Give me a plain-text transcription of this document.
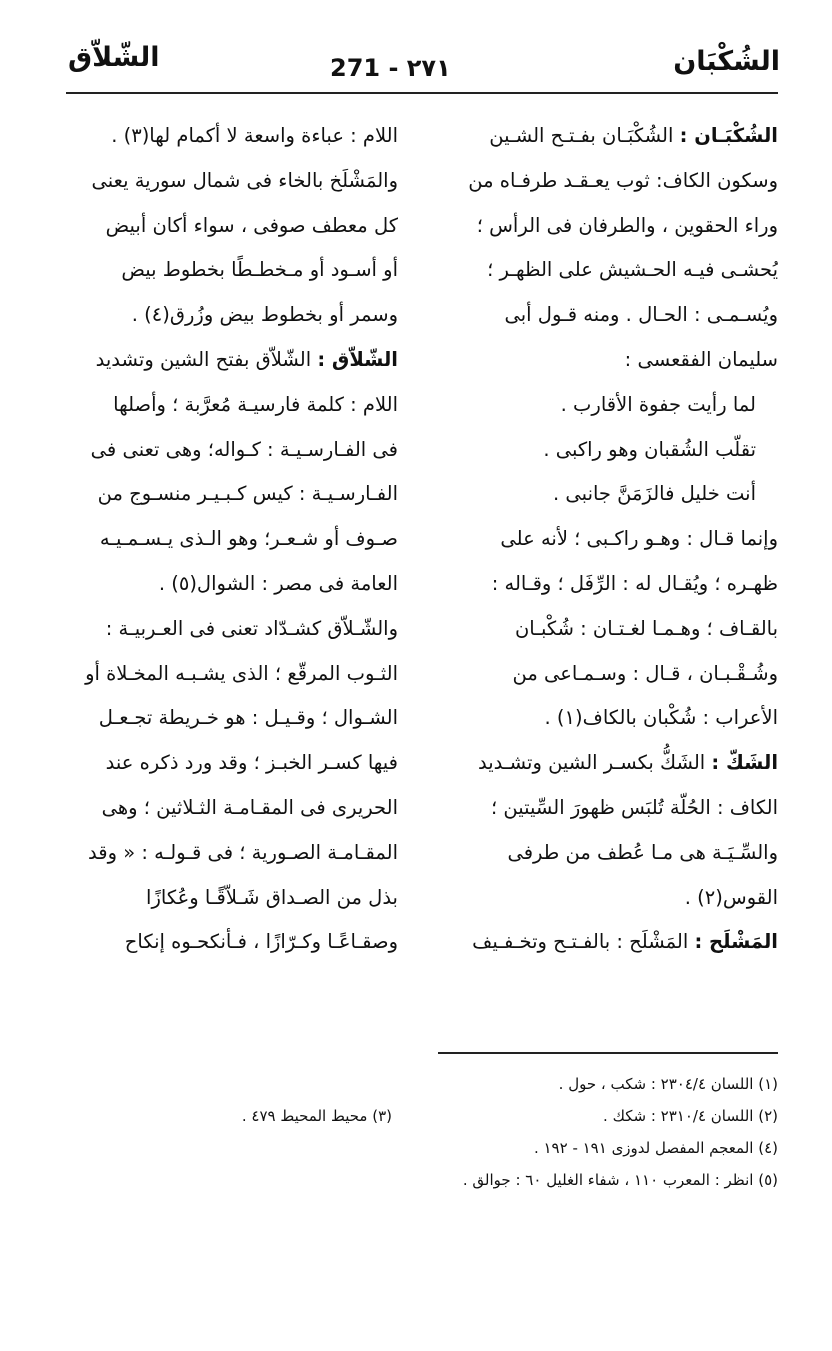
الشُكْبَان
271 - ٢٧١
الشّلاّق
الشُكْبَـان : الشُكْبَـان بفـتـح الشـين
وسكون الكاف: ثوب يعـقـد طرفـاه من
وراء الحقوين ، والطرفان فى الرأس ؛
يُحشـى فيـه الحـشيش على الظهـر ؛
ويُسـمـى : الحـال . ومنه قـول أبى
سليمان الفقعسى :
لما رأيت جفوة الأقارب .
تقلّب الشُقبان وهو راكبى .
أنت خليل فالزَمَنَّ جانبى .
وإنما قـال : وهـو راكـبى ؛ لأنه على
ظهـره ؛ ويُقـال له : الرِّفَل ؛ وقـاله :
بالقـاف ؛ وهـمـا لغـتـان : شُكْبـان
وشُـقْـبـان ، قـال : وسـمـاعى من
الأعراب : شُكْبان بالكاف(١) .
الشَكّ : الشَكُّ بكسـر الشين وتشـديد
الكاف : الحُلّة تُلبَس ظهورَ السِّيتين ؛
والسِّـيَـة هى مـا عُطف من طرفى
القوس(٢) .
المَشْلَح : المَشْلَح : بالفـتـح وتخـفـيف
اللام : عباءة واسعة لا أكمام لها(٣) .
والمَشْلَخ بالخاء فى شمال سورية يعنى
كل معطف صوفى ، سواء أكان أبيض
أو أسـود أو مـخطـطًا بخطوط بيض
وسمر أو بخطوط بيض وزُرق(٤) .
الشّلاّق : الشّلاّق بفتح الشين وتشديد
اللام : كلمة فارسيـة مُعرَّبة ؛ وأصلها
فى الفـارسـيـة : كـواله؛ وهى تعنى فى
الفـارسـيـة : كيس كـبـيـر منسـوج من
صـوف أو شـعـر؛ وهو الـذى يـسـمـيـه
العامة فى مصر : الشوال(٥) .
والشّـلاّق كشـدّاد تعنى فى العـربيـة :
الثـوب المرقّع ؛ الذى يشـبـه المخـلاة أو
الشـوال ؛ وقـيـل : هو خـريطة تجـعـل
فيها كسـر الخبـز ؛ وقد ورد ذكره عند
الحريرى فى المقـامـة الثـلاثين ؛ وهى
المقـامـة الصـورية ؛ فى قـولـه : « وقد
بذل من الصـداق شَـلاّقًـا وعُكازًا
وصقـاعًـا وكـرّازًا ، فـأنكحـوه إنكاح
(١) اللسان ٢٣٠٤/٤ : شكب ، حول .
(٢) اللسان ٢٣١٠/٤ : شكك .
(٤) المعجم المفصل لدوزى ١٩١ - ١٩٢ .
(٥) انظر : المعرب ١١٠ ، شفاء الغليل ٦٠ : جوالق .
(٣) محيط المحيط ٤٧٩ .
